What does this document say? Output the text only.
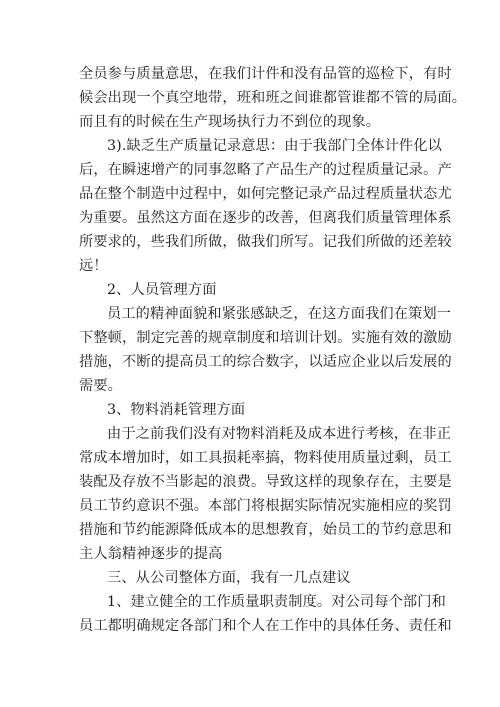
全员参与质量意思，在我们计件和没有品管的巡检下，有时
候会出现一个真空地带，班和班之间谁都管谁都不管的局面。
而且有的时候在生产现场执行力不到位的现象。
3).缺乏生产质量记录意思：由于我部门全体计件化以
后，在瞬速增产的同事忽略了产品生产的过程质量记录。产
品在整个制造中过程中，如何完整记录产品过程质量状态尤
为重要。虽然这方面在逐步的改善，但离我们质量管理体系
所要求的，些我们所做，做我们所写。记我们所做的还差较
远！
2、人员管理方面
员工的精神面貌和紧张感缺乏，在这方面我们在策划一
下整顿，制定完善的规章制度和培训计划。实施有效的激励
措施，不断的提高员工的综合数字，以适应企业以后发展的
需要。
3、物料消耗管理方面
由于之前我们没有对物料消耗及成本进行考核，在非正
常成本增加时，如工具损耗率搞，物料使用质量过剩，员工
装配及存放不当影起的浪费。导致这样的现象存在，主要是
员工节约意识不强。本部门将根据实际情况实施相应的奖罚
措施和节约能源降低成本的思想教育，始员工的节约意思和
主人翁精神逐步的提高
三、从公司整体方面，我有一几点建议
1、建立健全的工作质量职责制度。对公司每个部门和
员工都明确规定各部门和个人在工作中的具体任务、责任和
